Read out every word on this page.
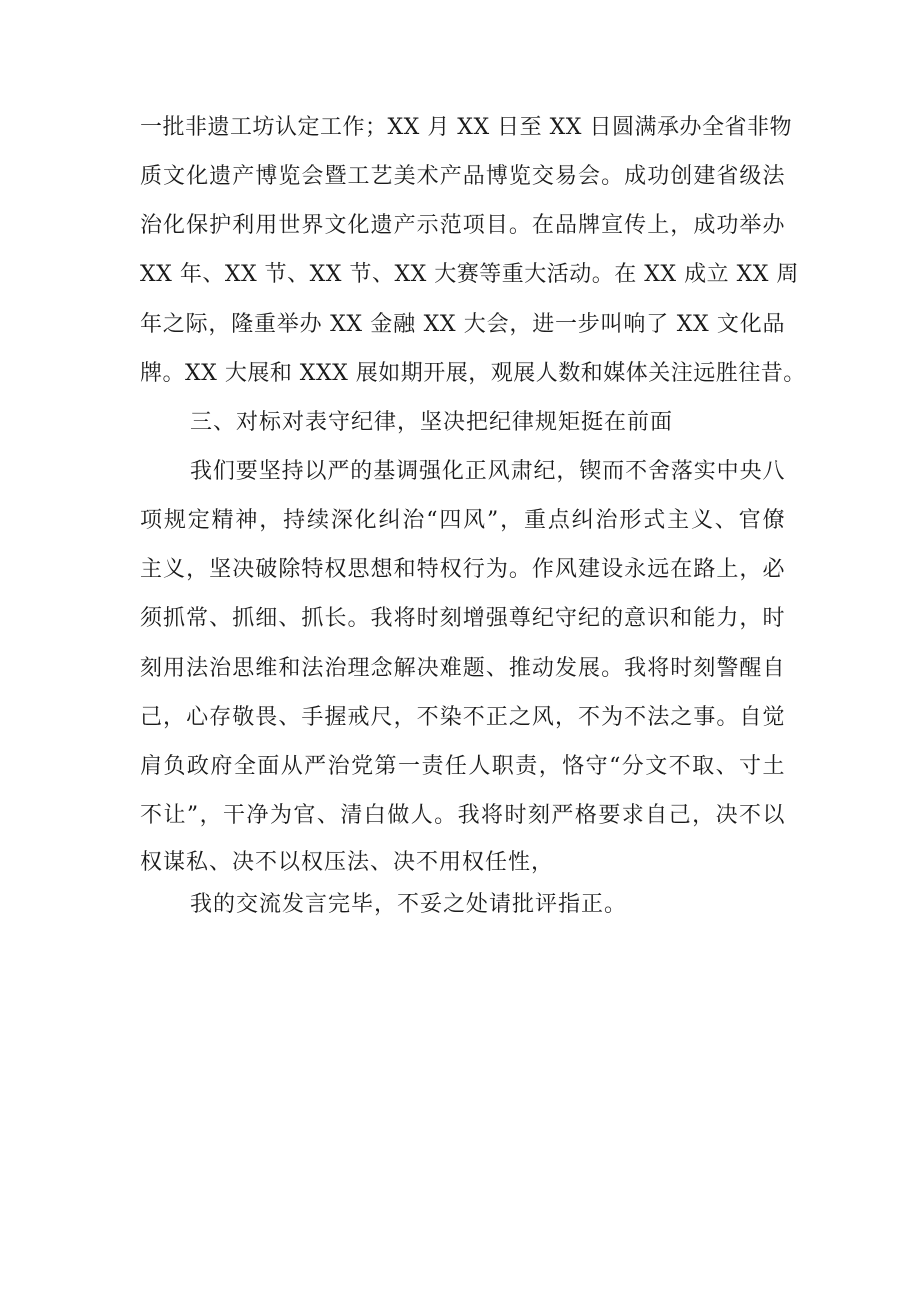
一批非遗工坊认定工作；XX 月 XX 日至 XX 日圆满承办全省非物
质文化遗产博览会暨工艺美术产品博览交易会。成功创建省级法
治化保护利用世界文化遗产示范项目。在品牌宣传上，成功举办
XX 年、XX 节、XX 节、XX 大赛等重大活动。在 XX 成立 XX 周
年之际，隆重举办 XX 金融 XX 大会，进一步叫响了 XX 文化品
牌。XX 大展和 XXX 展如期开展，观展人数和媒体关注远胜往昔。
三、对标对表守纪律，坚决把纪律规矩挺在前面
我们要坚持以严的基调强化正风肃纪，锲而不舍落实中央八
项规定精神，持续深化纠治“四风”，重点纠治形式主义、官僚
主义，坚决破除特权思想和特权行为。作风建设永远在路上，必
须抓常、抓细、抓长。我将时刻增强尊纪守纪的意识和能力，时
刻用法治思维和法治理念解决难题、推动发展。我将时刻警醒自
己，心存敬畏、手握戒尺，不染不正之风，不为不法之事。自觉
肩负政府全面从严治党第一责任人职责，恪守“分文不取、寸土
不让”，干净为官、清白做人。我将时刻严格要求自己，决不以
权谋私、决不以权压法、决不用权任性，
我的交流发言完毕，不妥之处请批评指正。
